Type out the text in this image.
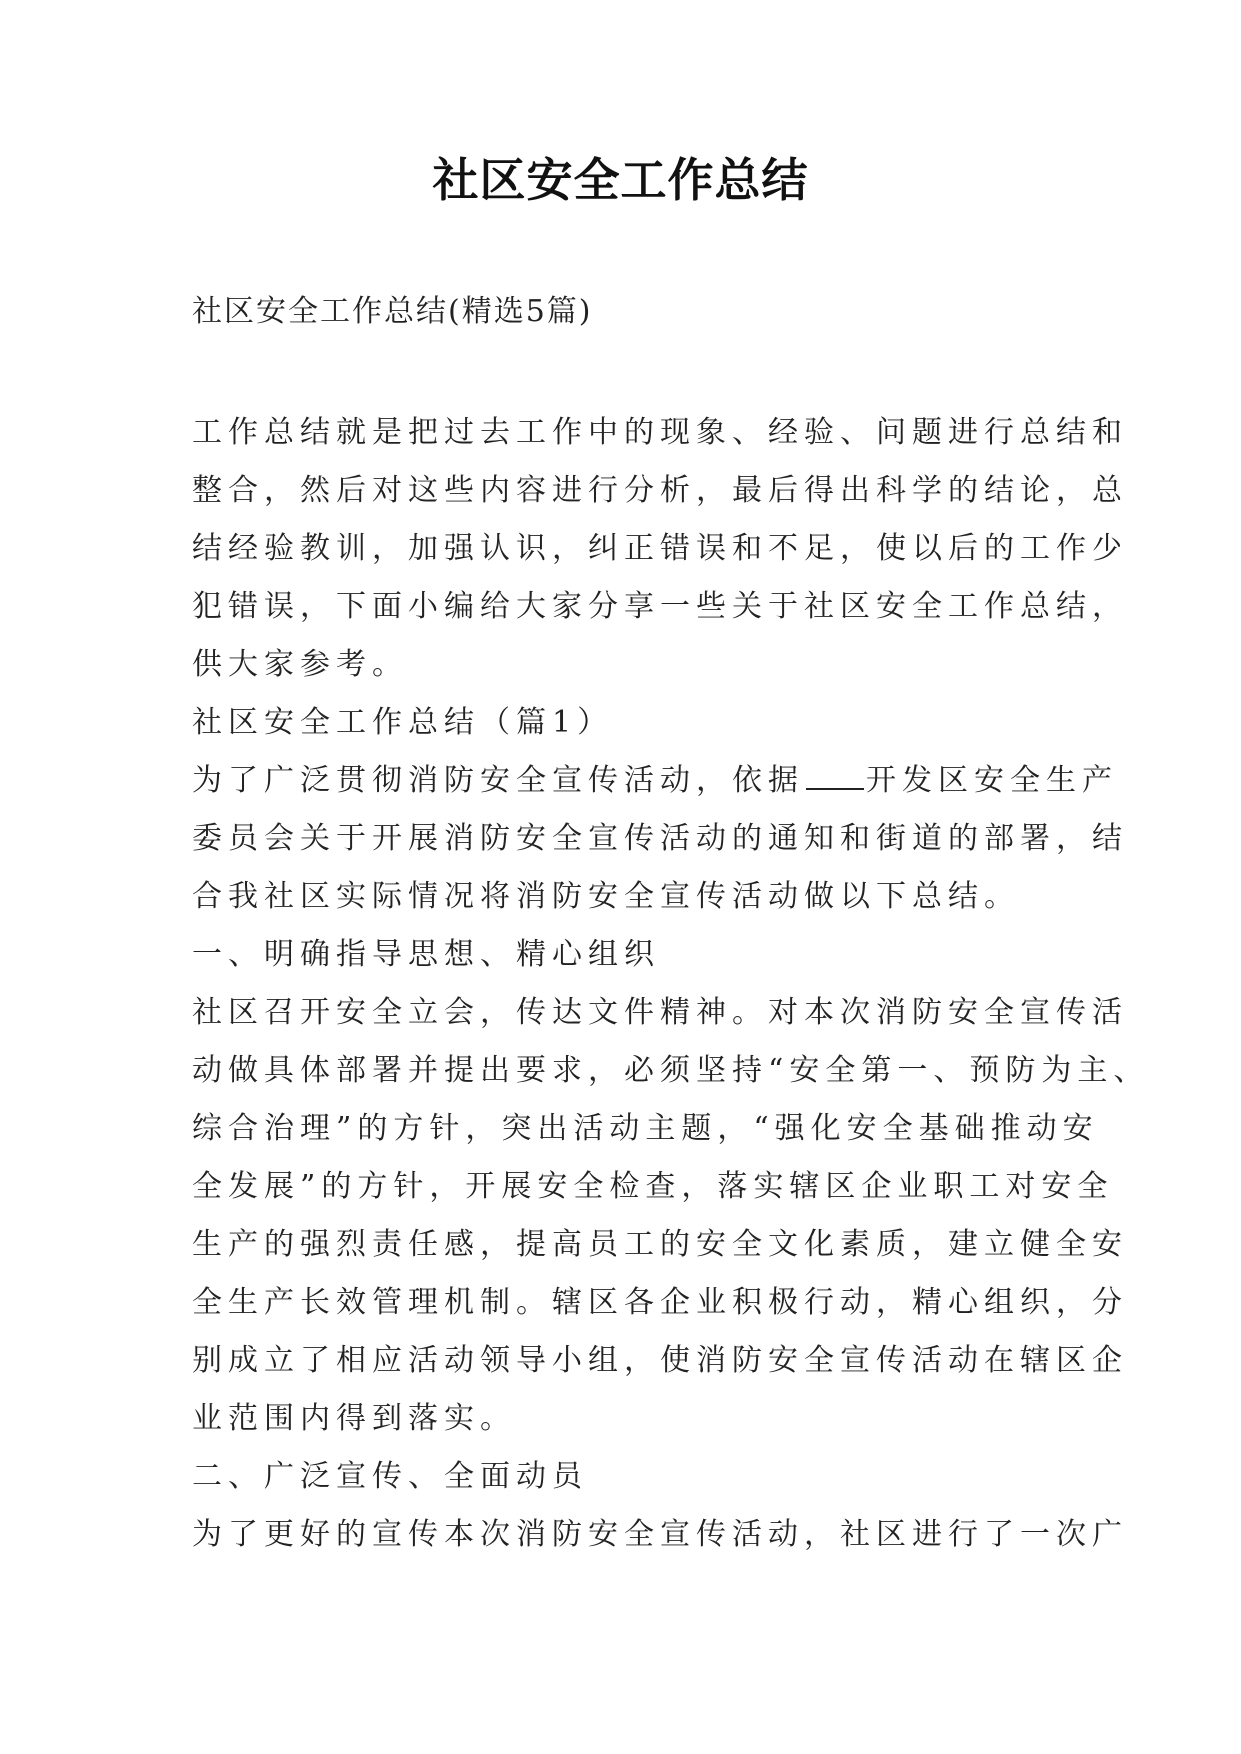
社区安全工作总结
社区安全工作总结(精选5篇)

工作总结就是把过去工作中的现象、经验、问题进行总结和

整合，然后对这些内容进行分析，最后得出科学的结论，总

结经验教训，加强认识，纠正错误和不足，使以后的工作少

犯错误，下面小编给大家分享一些关于社区安全工作总结，

供大家参考。

社区安全工作总结（篇1）

为了广泛贯彻消防安全宣传活动，依据 开发区安全生产

委员会关于开展消防安全宣传活动的通知和街道的部署，结

合我社区实际情况将消防安全宣传活动做以下总结。

一、明确指导思想、精心组织

社区召开安全立会，传达文件精神。对本次消防安全宣传活

动做具体部署并提出要求，必须坚持“安全第一、预防为主、

综合治理”的方针，突出活动主题，“强化安全基础推动安

全发展”的方针，开展安全检查，落实辖区企业职工对安全

生产的强烈责任感，提高员工的安全文化素质，建立健全安

全生产长效管理机制。辖区各企业积极行动，精心组织，分

别成立了相应活动领导小组，使消防安全宣传活动在辖区企

业范围内得到落实。

二、广泛宣传、全面动员

为了更好的宣传本次消防安全宣传活动，社区进行了一次广
